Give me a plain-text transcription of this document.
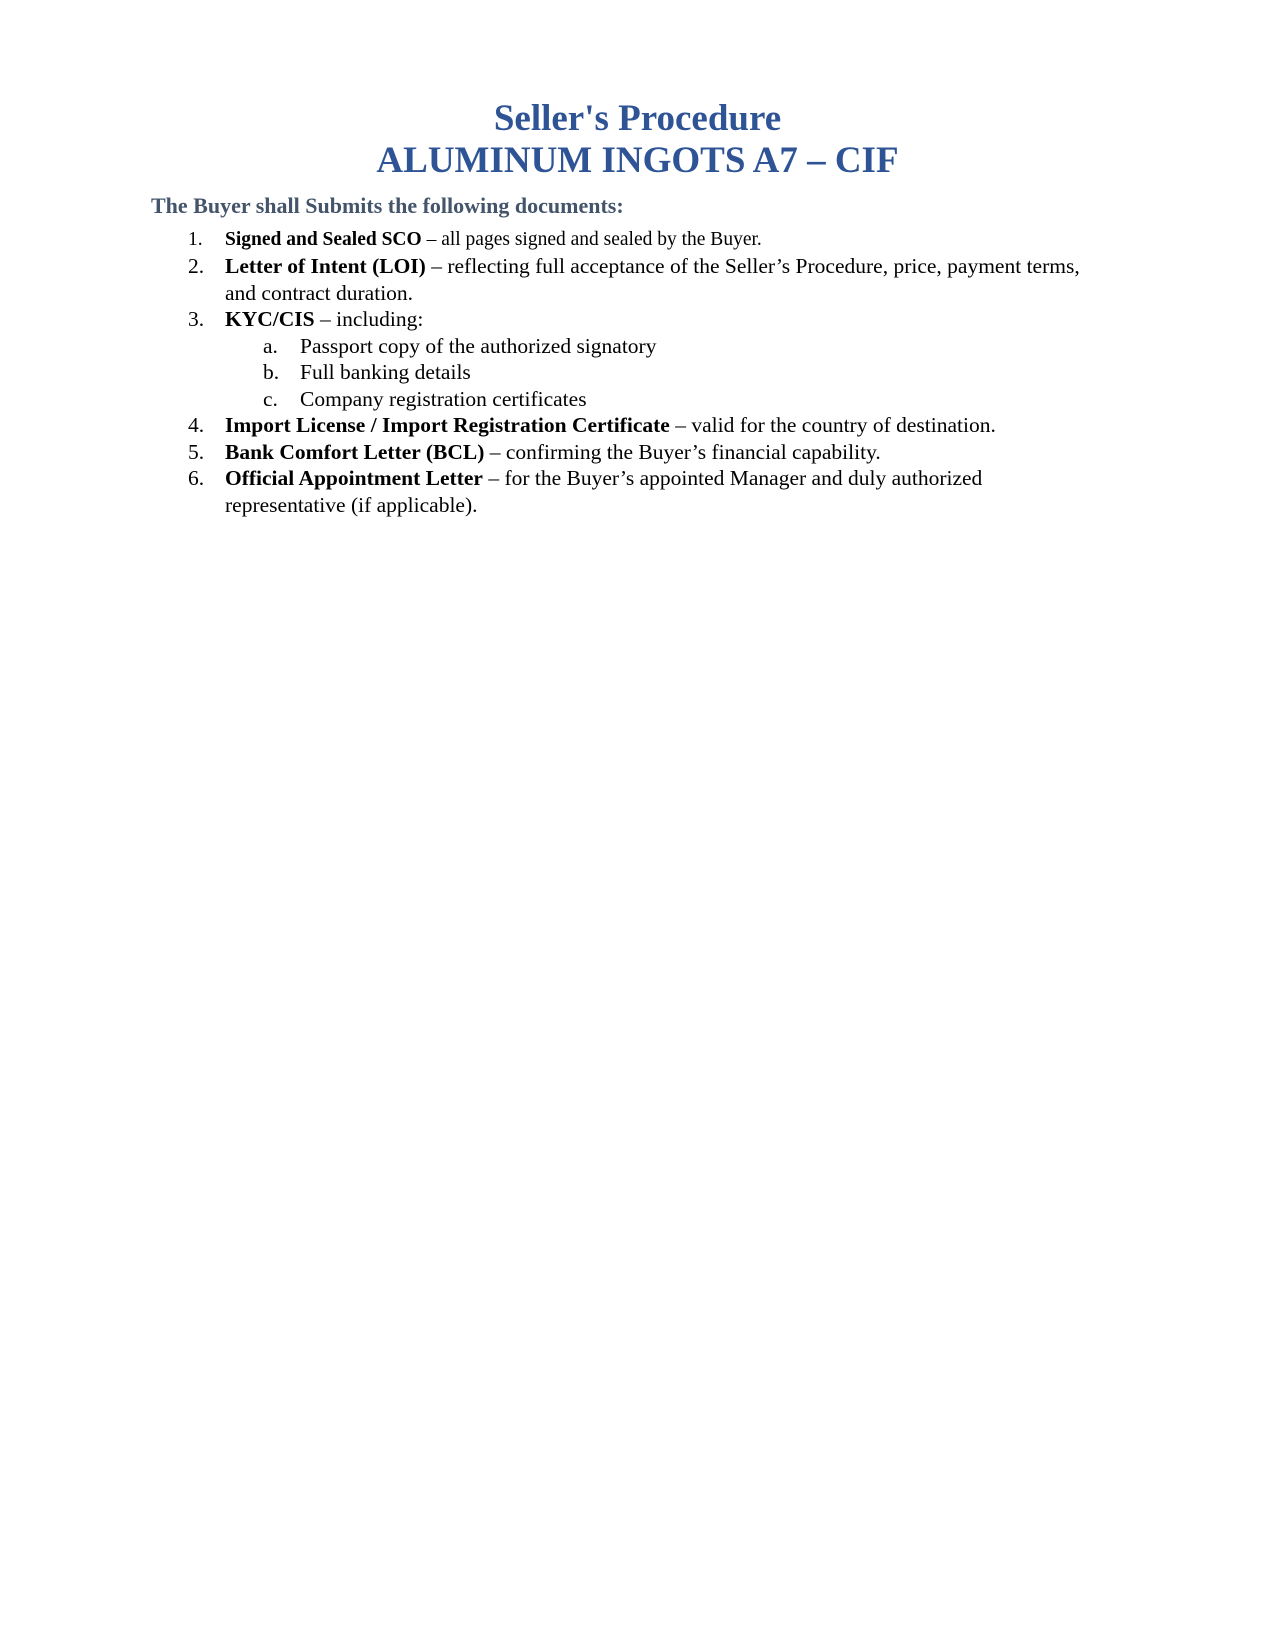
Seller's Procedure
ALUMINUM INGOTS A7 – CIF
The Buyer shall Submits the following documents:
1. Signed and Sealed SCO – all pages signed and sealed by the Buyer.
2. Letter of Intent (LOI) – reflecting full acceptance of the Seller’s Procedure, price, payment terms, and contract duration.
3. KYC/CIS – including:
a. Passport copy of the authorized signatory
b. Full banking details
c. Company registration certificates
4. Import License / Import Registration Certificate – valid for the country of destination.
5. Bank Comfort Letter (BCL) – confirming the Buyer’s financial capability.
6. Official Appointment Letter – for the Buyer’s appointed Manager and duly authorized representative (if applicable).
